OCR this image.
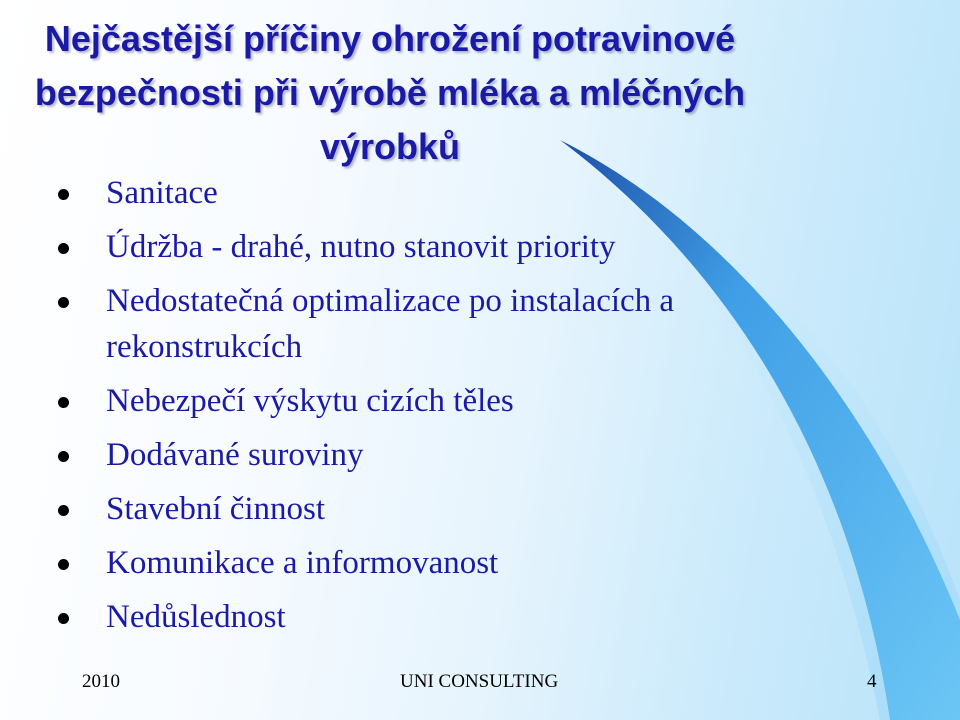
Nejčastější příčiny ohrožení potravinové bezpečnosti při výrobě mléka a mléčných výrobků
Sanitace
Údržba - drahé, nutno stanovit priority
Nedostatečná optimalizace po instalacích a rekonstrukcích
Nebezpečí výskytu cizích těles
Dodávané suroviny
Stavební činnost
Komunikace a informovanost
Nedůslednost
2010	UNI CONSULTING	4
